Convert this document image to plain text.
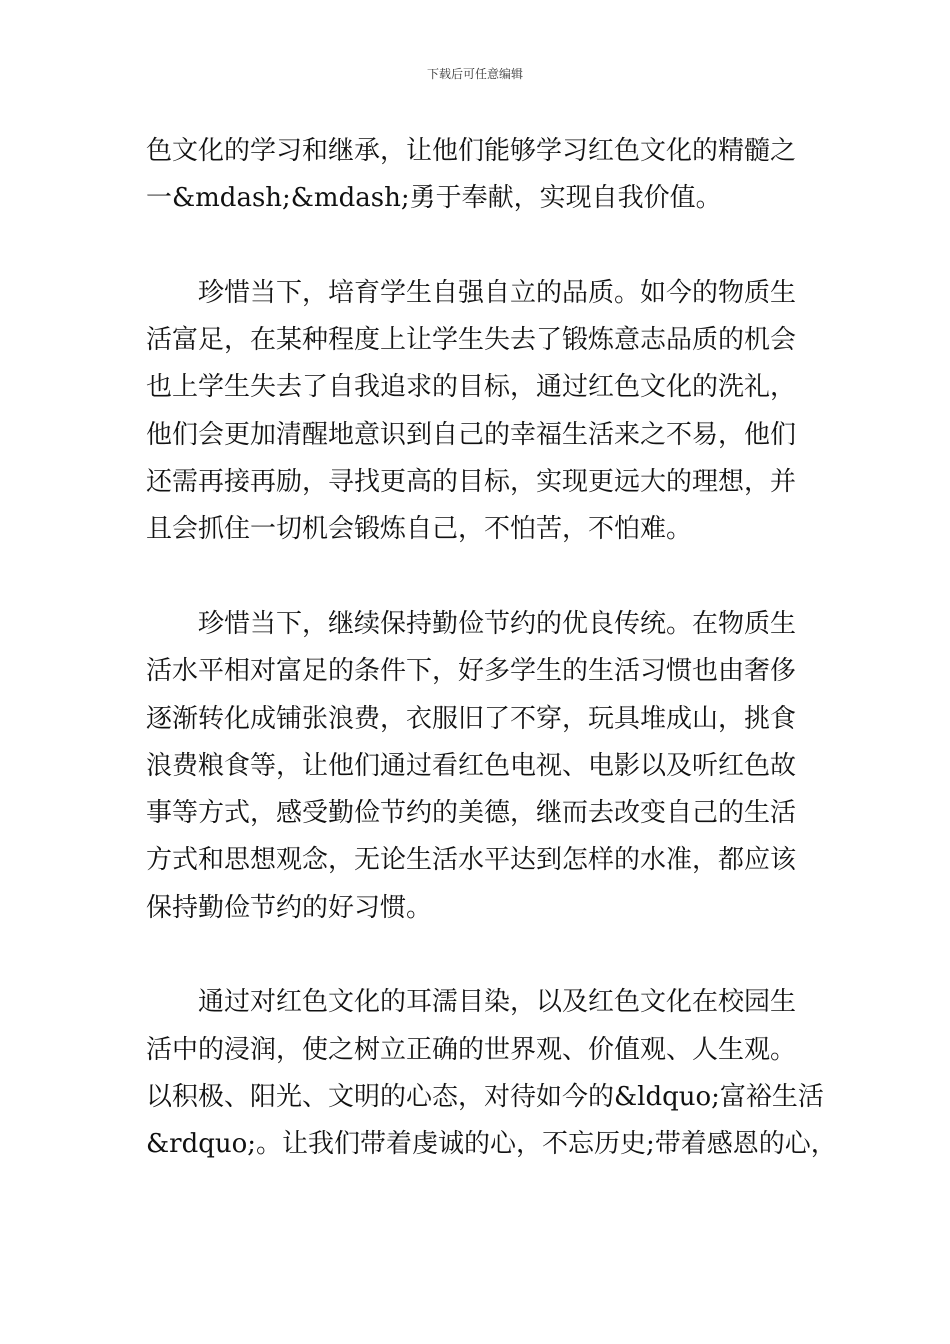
下载后可任意编辑
色文化的学习和继承，让他们能够学习红色文化的精髓之
一&mdash;&mdash;勇于奉献，实现自我价值。
珍惜当下，培育学生自强自立的品质。如今的物质生
活富足，在某种程度上让学生失去了锻炼意志品质的机会
也上学生失去了自我追求的目标，通过红色文化的洗礼，
他们会更加清醒地意识到自己的幸福生活来之不易，他们
还需再接再励，寻找更高的目标，实现更远大的理想，并
且会抓住一切机会锻炼自己，不怕苦，不怕难。
珍惜当下，继续保持勤俭节约的优良传统。在物质生
活水平相对富足的条件下，好多学生的生活习惯也由奢侈
逐渐转化成铺张浪费，衣服旧了不穿，玩具堆成山，挑食
浪费粮食等，让他们通过看红色电视、电影以及听红色故
事等方式，感受勤俭节约的美德，继而去改变自己的生活
方式和思想观念，无论生活水平达到怎样的水准，都应该
保持勤俭节约的好习惯。
通过对红色文化的耳濡目染，以及红色文化在校园生
活中的浸润，使之树立正确的世界观、价值观、人生观。
以积极、阳光、文明的心态，对待如今的&ldquo;富裕生活
&rdquo;。让我们带着虔诚的心，不忘历史;带着感恩的心，
